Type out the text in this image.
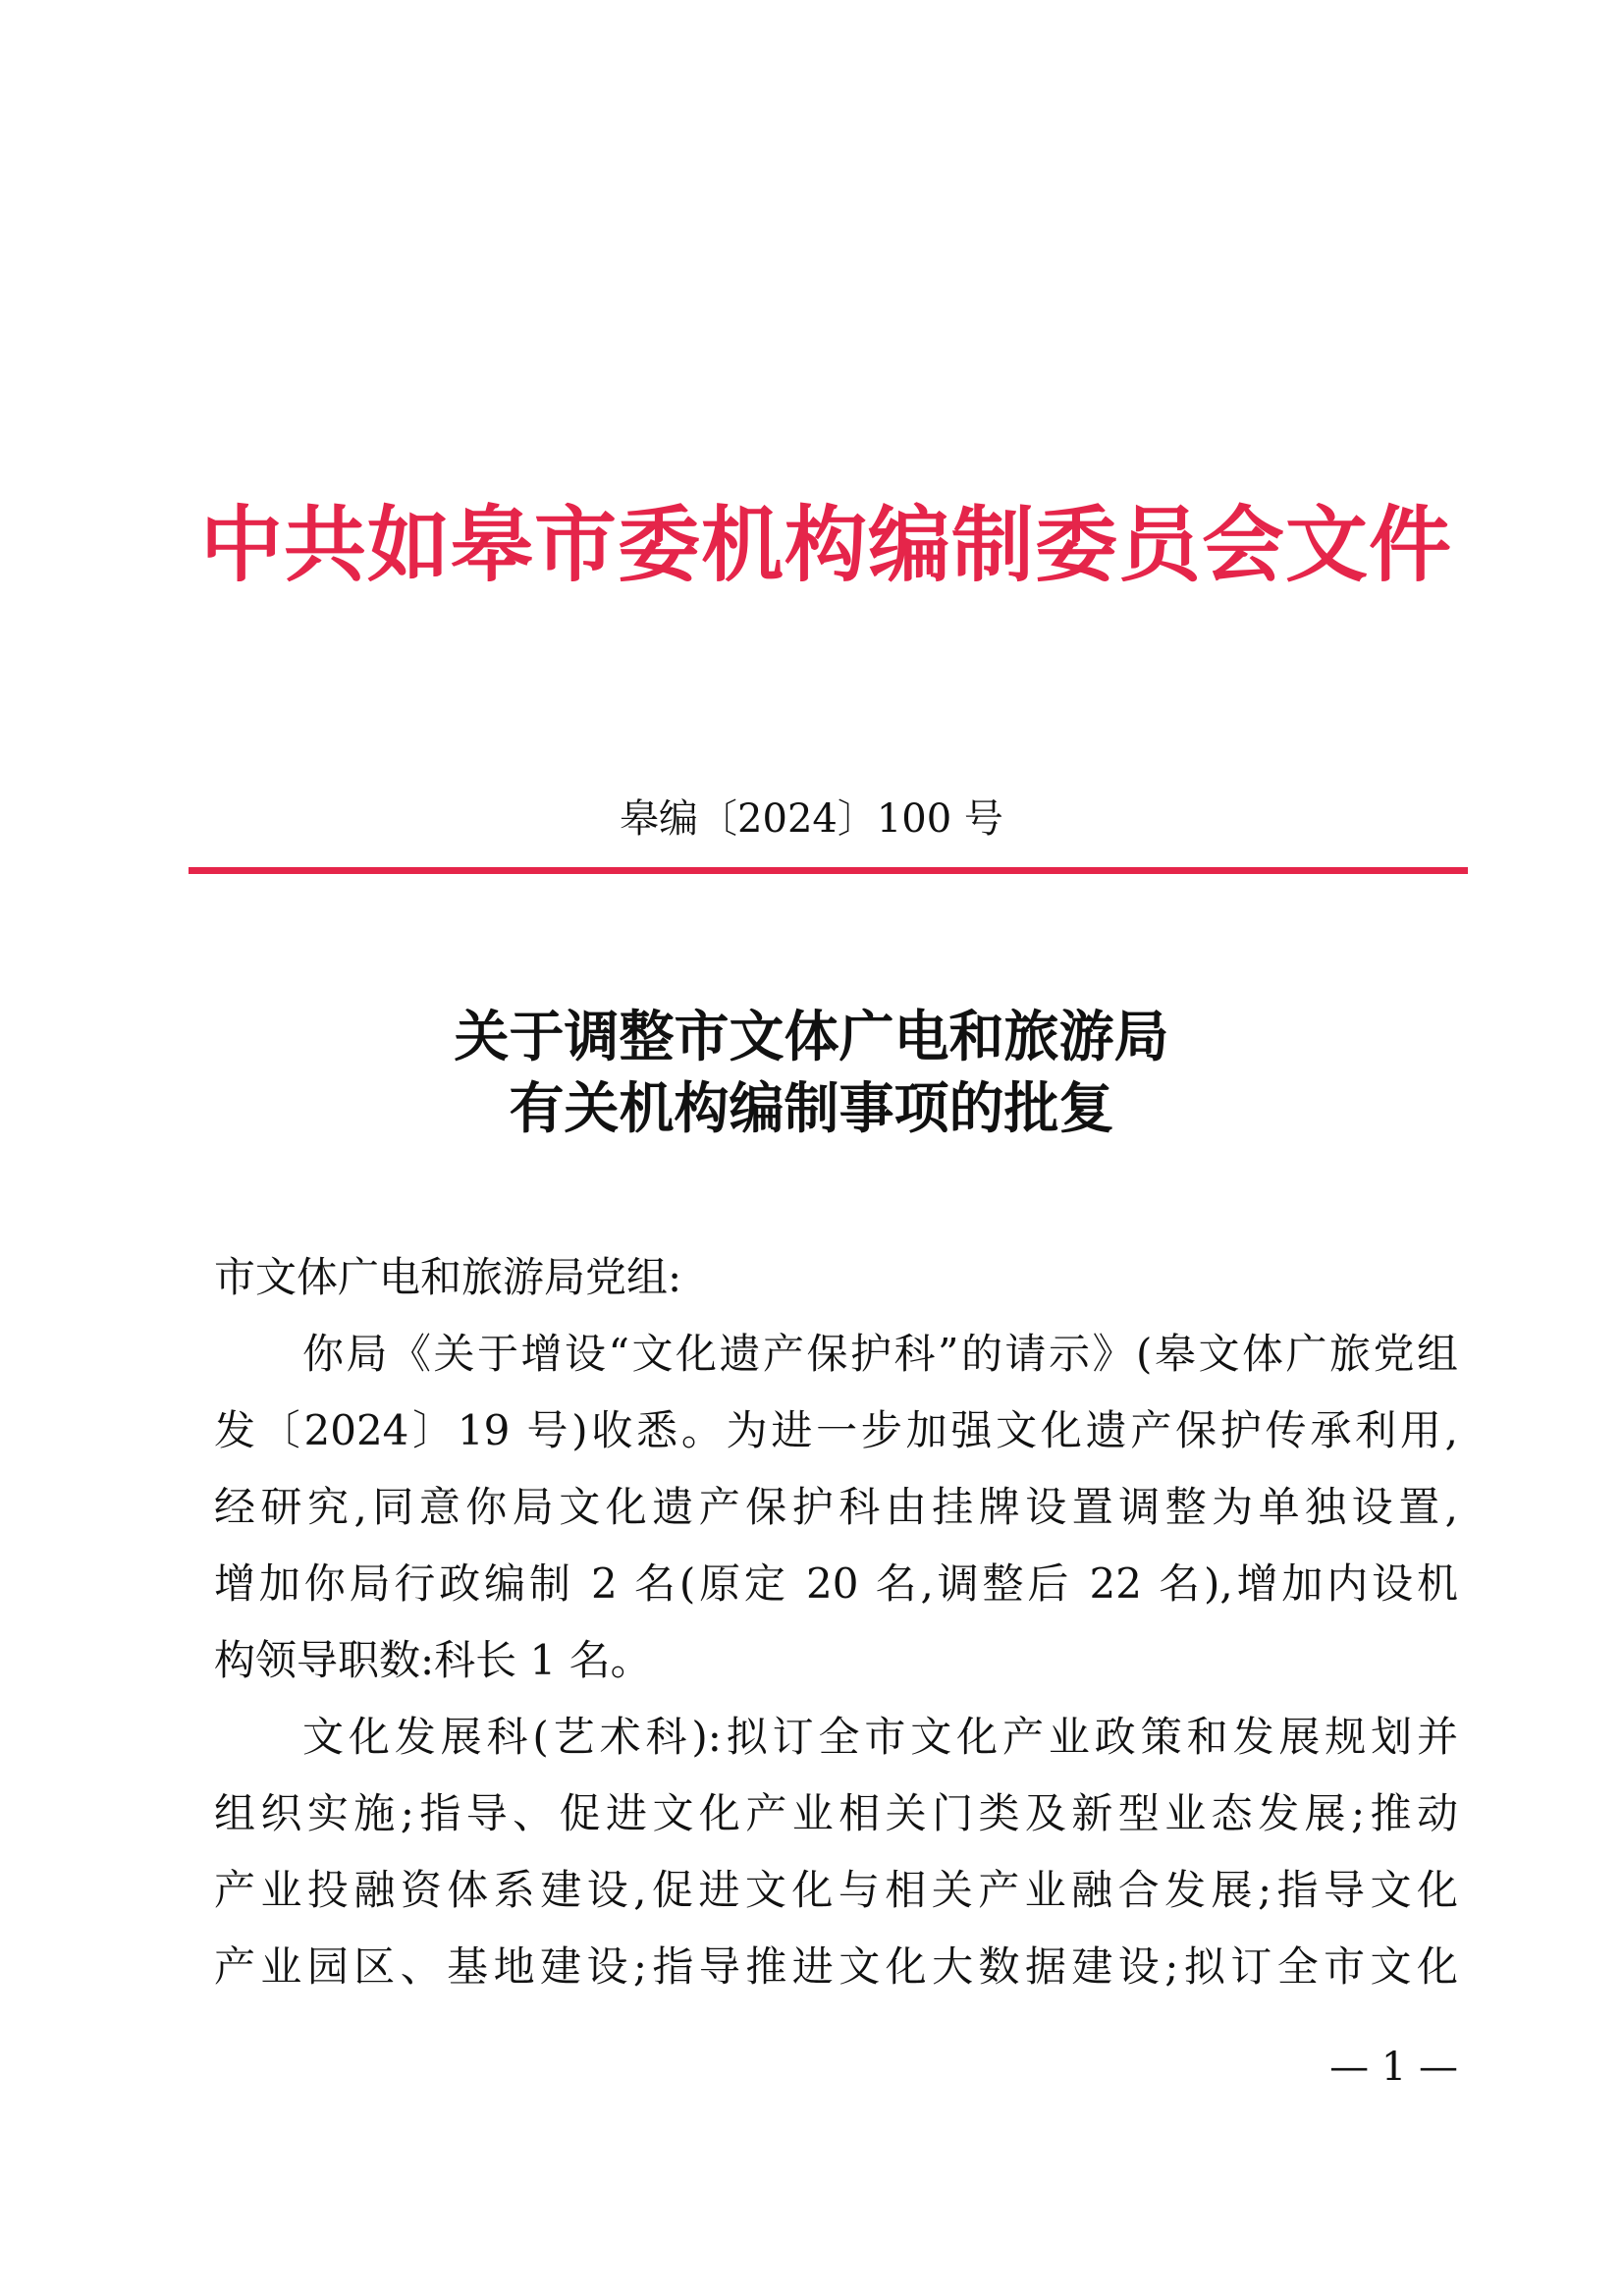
中共如皋市委机构编制委员会文件
皋编〔2024〕100 号
关于调整市文体广电和旅游局
有关机构编制事项的批复
市文体广电和旅游局党组:
你局《关于增设“文化遗产保护科”的请示》(皋文体广旅党组
发〔2024〕19 号)收悉。为进一步加强文化遗产保护传承利用,
经研究,同意你局文化遗产保护科由挂牌设置调整为单独设置,
增加你局行政编制 2 名(原定 20 名,调整后 22 名),增加内设机
构领导职数:科长 1 名。
文化发展科(艺术科):拟订全市文化产业政策和发展规划并
组织实施;指导、促进文化产业相关门类及新型业态发展;推动
产业投融资体系建设,促进文化与相关产业融合发展;指导文化
产业园区、基地建设;指导推进文化大数据建设;拟订全市文化
— 1 —
